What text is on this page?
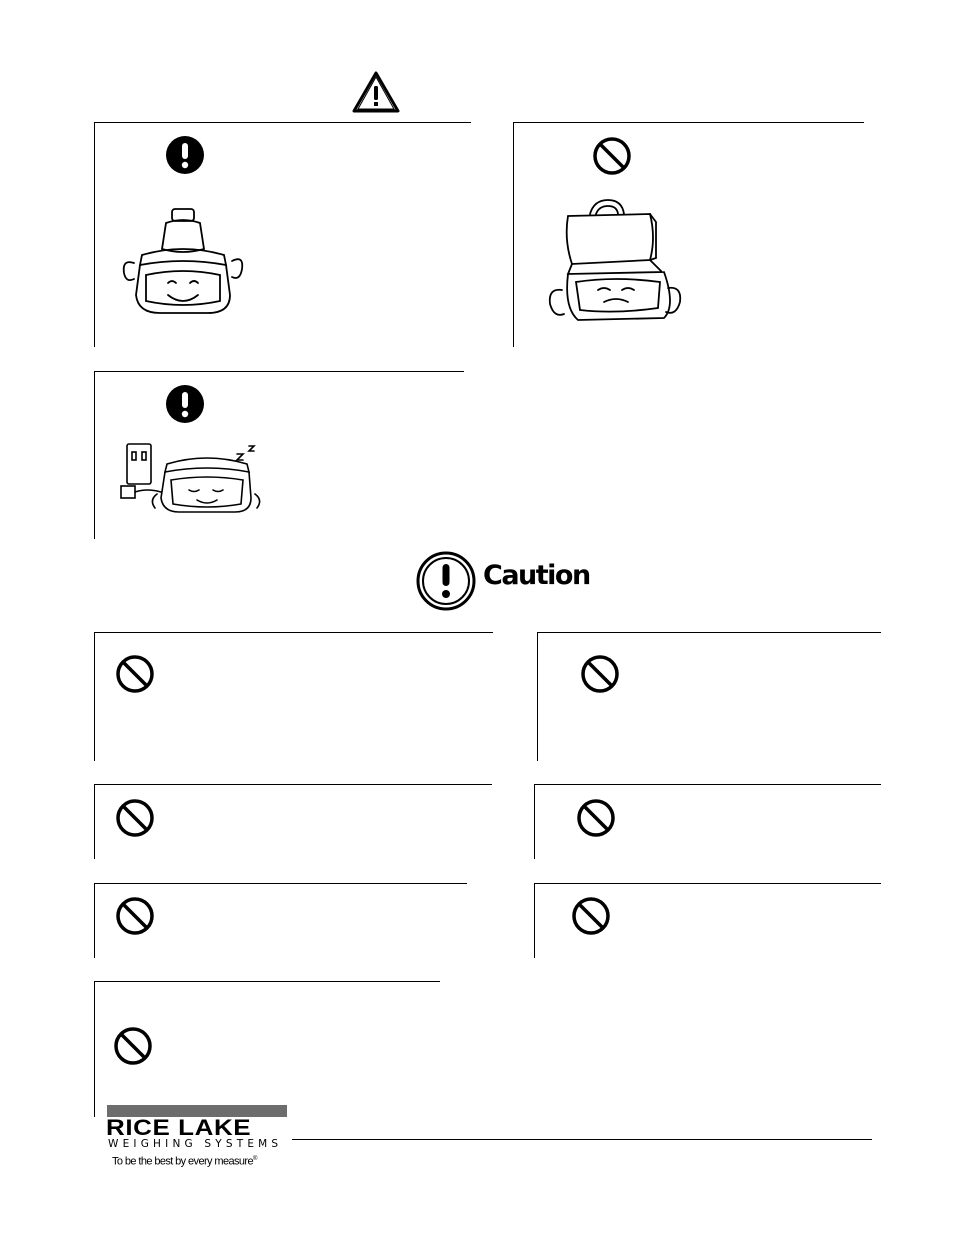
Caution
RICE LAKE
WEIGHING SYSTEMS
To be the best by every measure®
